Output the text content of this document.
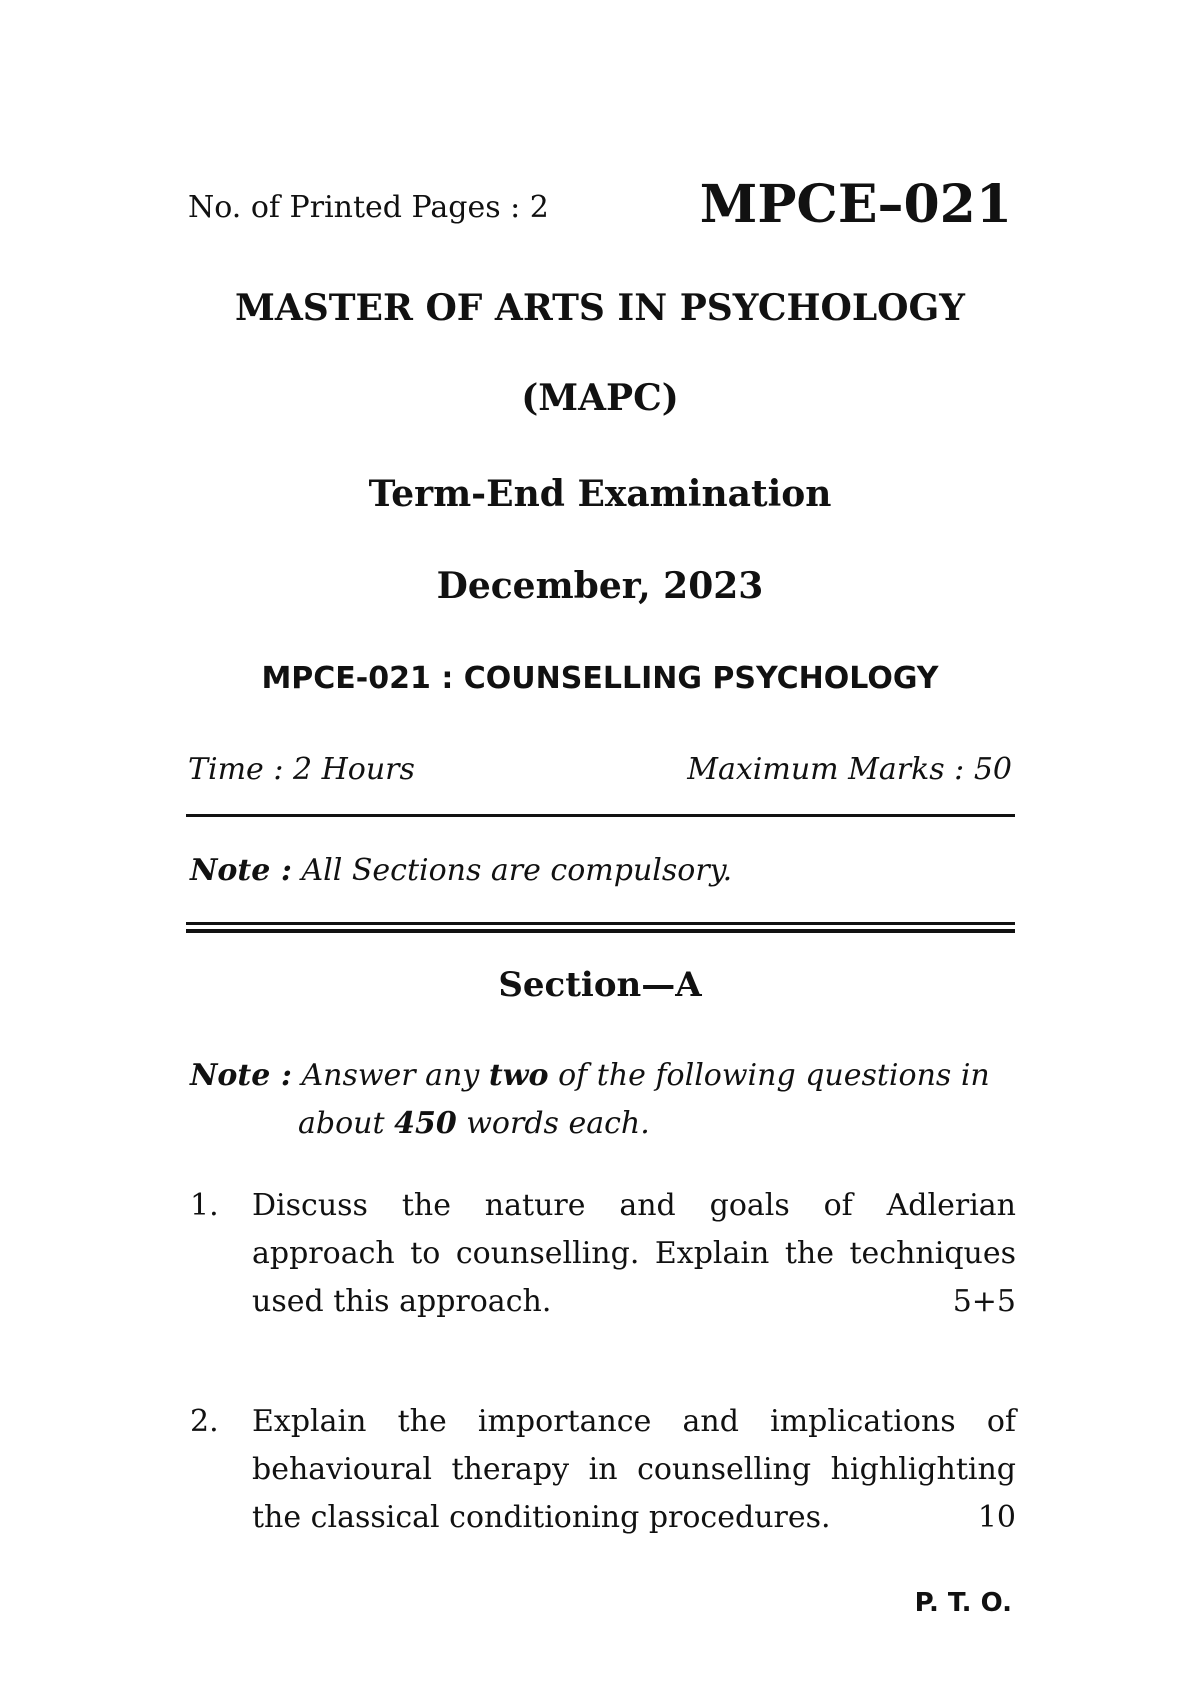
No. of Printed Pages : 2	MPCE–021
MASTER OF ARTS IN PSYCHOLOGY
(MAPC)
Term-End Examination
December, 2023
MPCE-021 : COUNSELLING PSYCHOLOGY
Time : 2 Hours	Maximum Marks : 50
Note : All Sections are compulsory.
Section—A
Note : Answer any two of the following questions in
about 450 words each.
1. Discuss the nature and goals of Adlerian
approach to counselling. Explain the techniques
used this approach.	5+5
2. Explain the importance and implications of
behavioural therapy in counselling highlighting
the classical conditioning procedures.	10
P. T. O.
